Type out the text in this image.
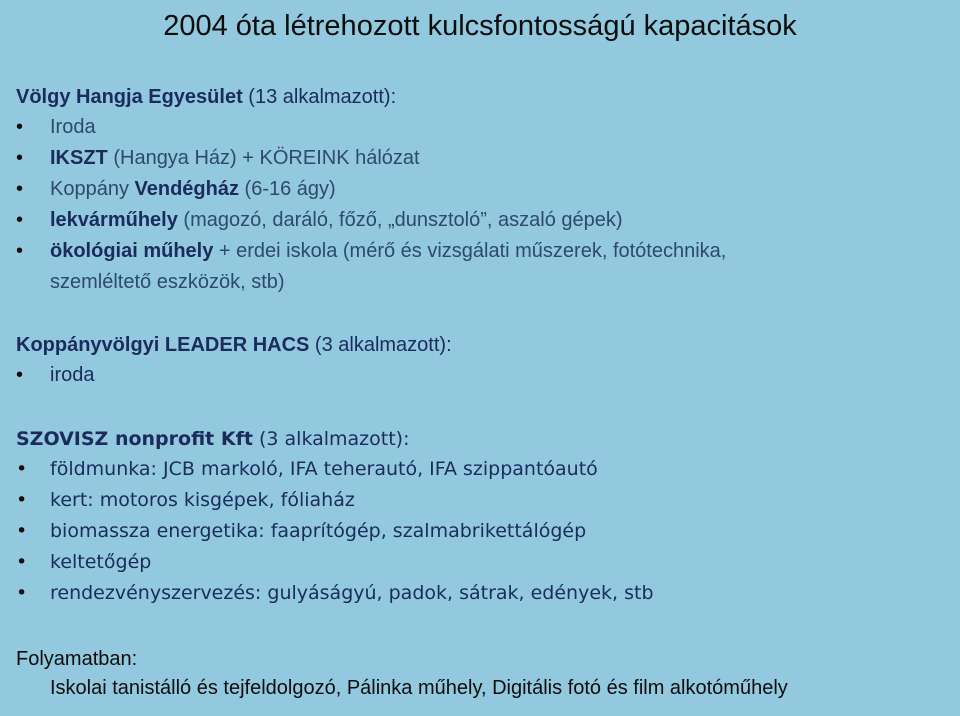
2004 óta létrehozott kulcsfontosságú kapacitások
Völgy Hangja Egyesület (13 alkalmazott):
• Iroda
• IKSZT (Hangya Ház) + KÖREINK hálózat
• Koppány Vendégház (6-16 ágy)
• lekvárműhely (magozó, daráló, főző, „dunsztoló”, aszaló gépek)
• ökológiai műhely + erdei iskola (mérő és vizsgálati műszerek, fotótechnika,
szemléltető eszközök, stb)
Koppányvölgyi LEADER HACS (3 alkalmazott):
• iroda
SZOVISZ nonprofit Kft (3 alkalmazott):
• földmunka: JCB markoló, IFA teherautó, IFA szippantóautó
• kert: motoros kisgépek, fóliaház
• biomassza energetika: faaprítógép, szalmabrikettálógép
• keltetőgép
• rendezvényszervezés: gulyáságyú, padok, sátrak, edények, stb
Folyamatban:
Iskolai tanistálló és tejfeldolgozó, Pálinka műhely, Digitális fotó és film alkotóműhely
